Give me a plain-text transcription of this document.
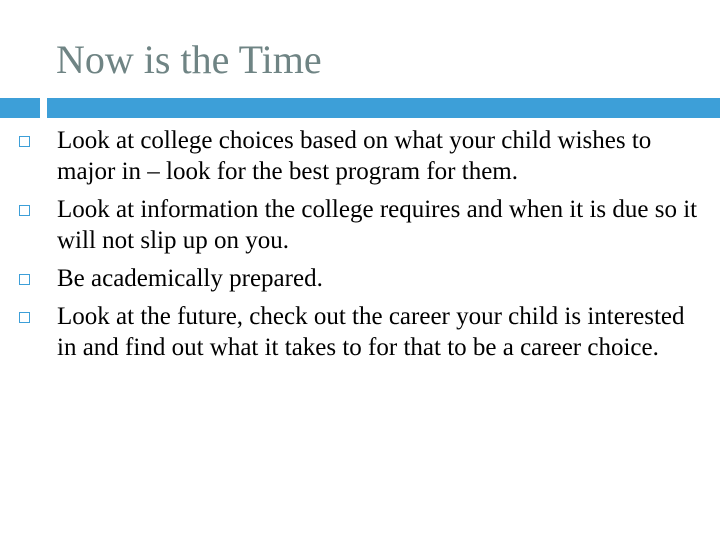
Now is the Time
Look at college choices based on what your child wishes to major in – look for the best program for them.
Look at information the college requires and when it is due so it will not slip up on you.
Be academically prepared.
Look at the future, check out the career your child is interested in and find out what it takes to for that to be a career choice.
